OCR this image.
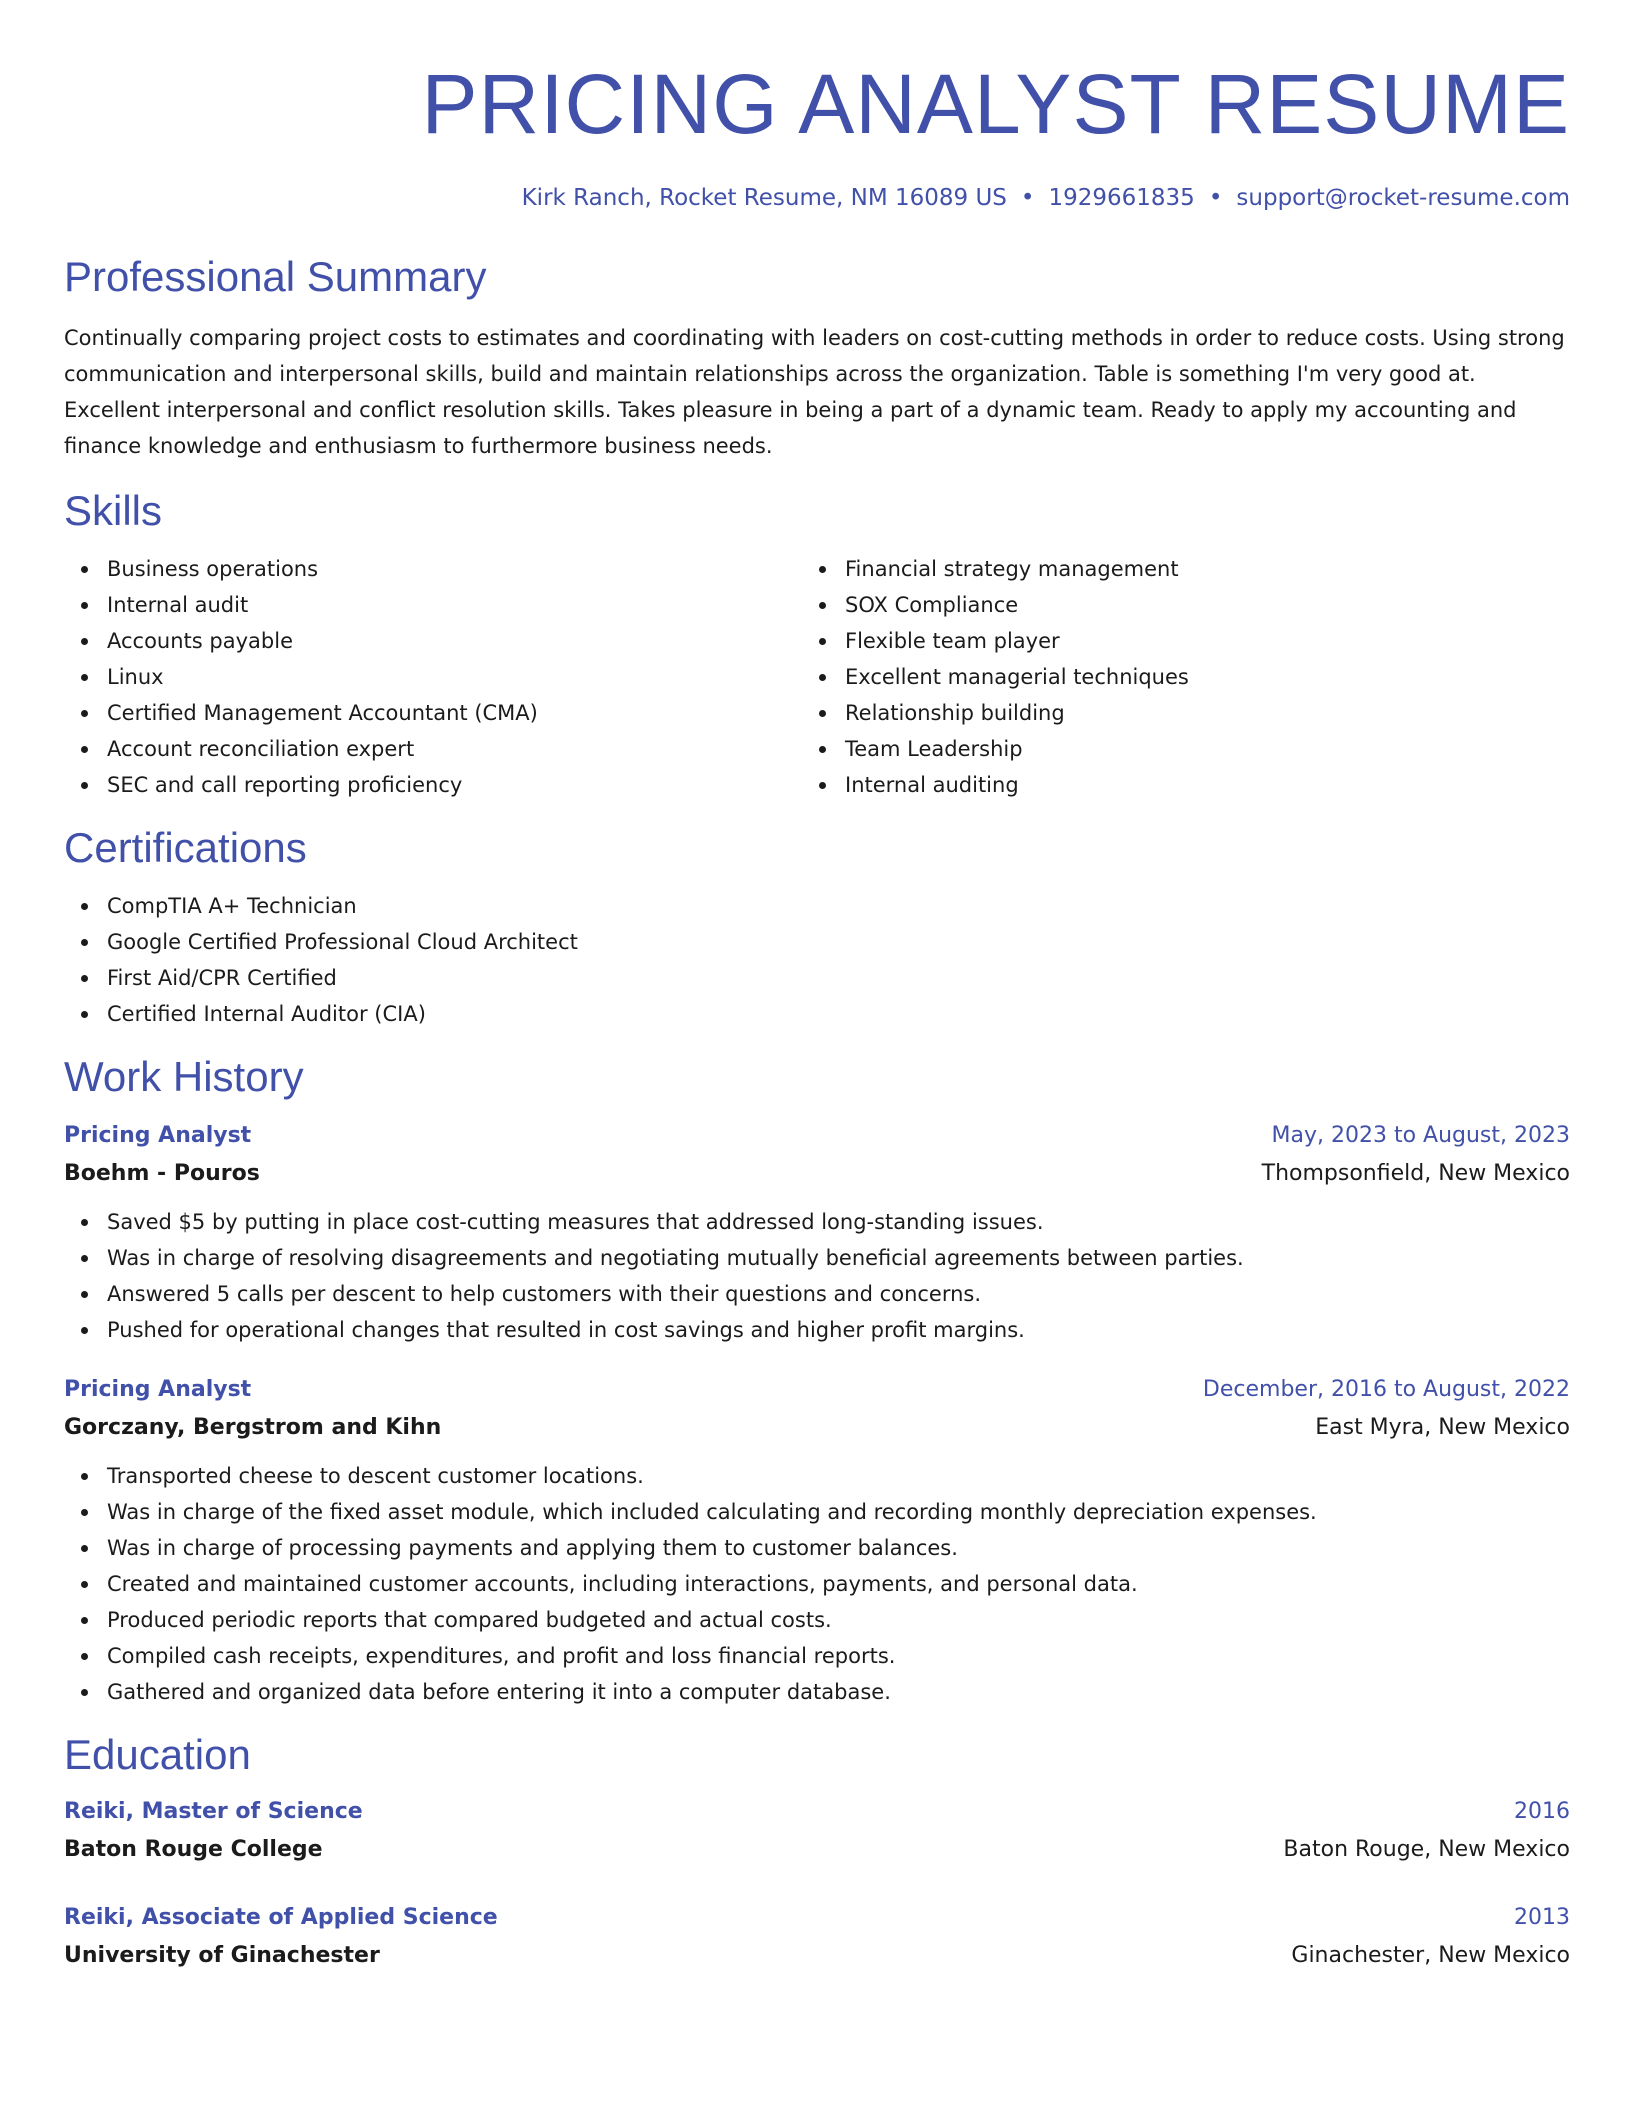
PRICING ANALYST RESUME
Kirk Ranch, Rocket Resume, NM 16089 US • 1929661835 • support@rocket-resume.com
Professional Summary

Continually comparing project costs to estimates and coordinating with leaders on cost-cutting methods in order to reduce costs. Using strong communication and interpersonal skills, build and maintain relationships across the organization. Table is something I'm very good at. Excellent interpersonal and conflict resolution skills. Takes pleasure in being a part of a dynamic team. Ready to apply my accounting and finance knowledge and enthusiasm to furthermore business needs.

Skills
Business operations
Internal audit
Accounts payable
Linux
Certified Management Accountant (CMA)
Account reconciliation expert
SEC and call reporting proficiency
Financial strategy management
SOX Compliance
Flexible team player
Excellent managerial techniques
Relationship building
Team Leadership
Internal auditing
Certifications
CompTIA A+ Technician
Google Certified Professional Cloud Architect
First Aid/CPR Certified
Certified Internal Auditor (CIA)
Work History
Pricing Analyst	May, 2023 to August, 2023
Boehm - Pouros	Thompsonfield, New Mexico
Saved $5 by putting in place cost-cutting measures that addressed long-standing issues.
Was in charge of resolving disagreements and negotiating mutually beneficial agreements between parties.
Answered 5 calls per descent to help customers with their questions and concerns.
Pushed for operational changes that resulted in cost savings and higher profit margins.
Pricing Analyst	December, 2016 to August, 2022
Gorczany, Bergstrom and Kihn	East Myra, New Mexico
Transported cheese to descent customer locations.
Was in charge of the fixed asset module, which included calculating and recording monthly depreciation expenses.
Was in charge of processing payments and applying them to customer balances.
Created and maintained customer accounts, including interactions, payments, and personal data.
Produced periodic reports that compared budgeted and actual costs.
Compiled cash receipts, expenditures, and profit and loss financial reports.
Gathered and organized data before entering it into a computer database.
Education
Reiki, Master of Science	2016
Baton Rouge College	Baton Rouge, New Mexico
Reiki, Associate of Applied Science	2013
University of Ginachester	Ginachester, New Mexico
